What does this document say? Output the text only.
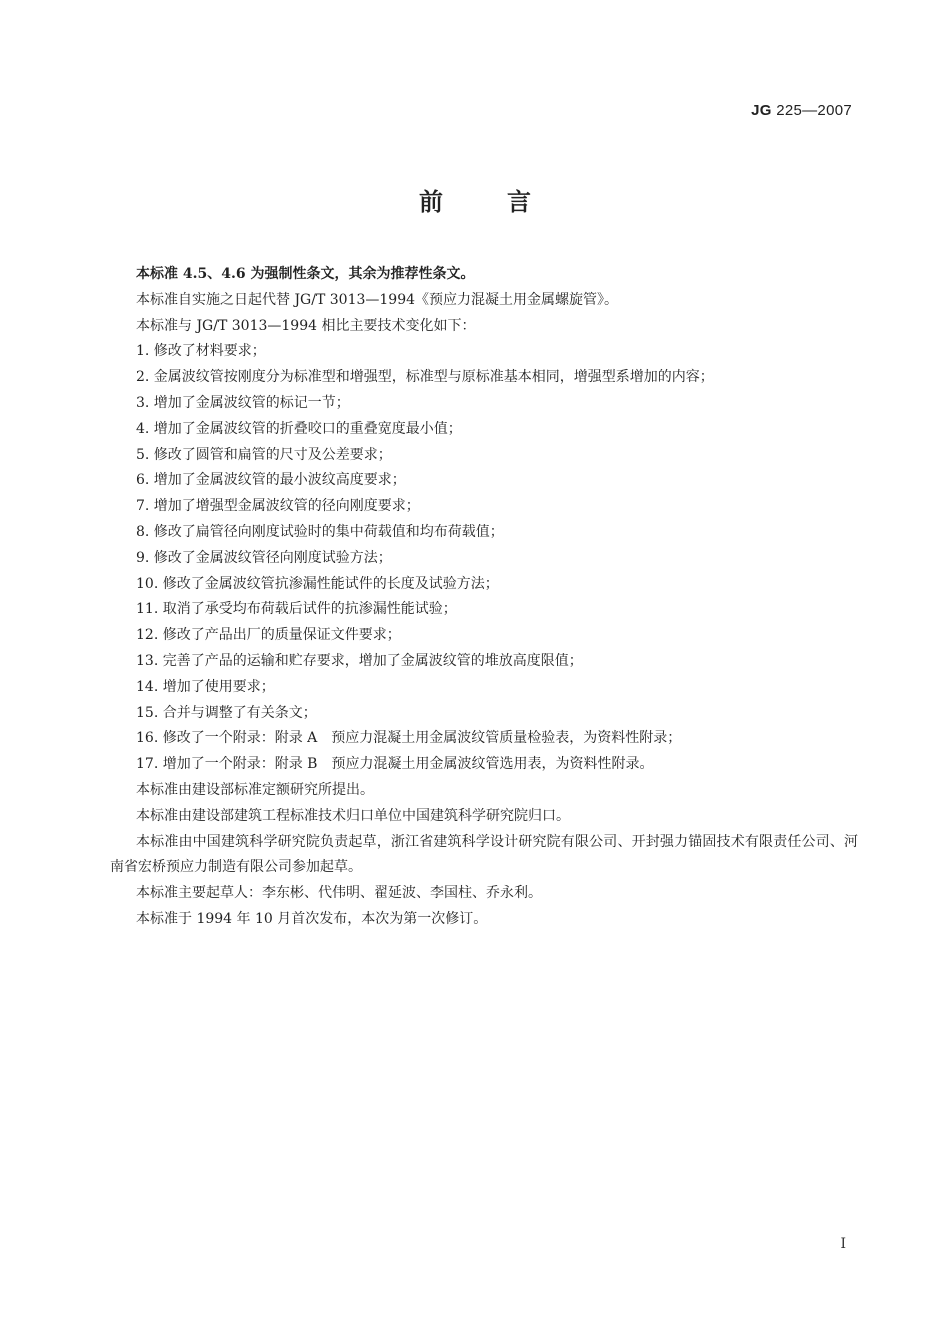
JG 225—2007
前言

本标准 4.5、4.6 为强制性条文，其余为推荐性条文。

本标准自实施之日起代替 JG/T 3013—1994《预应力混凝土用金属螺旋管》。

本标准与 JG/T 3013—1994 相比主要技术变化如下：

1. 修改了材料要求；

2. 金属波纹管按刚度分为标准型和增强型，标准型与原标准基本相同，增强型系增加的内容；

3. 增加了金属波纹管的标记一节；

4. 增加了金属波纹管的折叠咬口的重叠宽度最小值；

5. 修改了圆管和扁管的尺寸及公差要求；

6. 增加了金属波纹管的最小波纹高度要求；

7. 增加了增强型金属波纹管的径向刚度要求；

8. 修改了扁管径向刚度试验时的集中荷载值和均布荷载值；

9. 修改了金属波纹管径向刚度试验方法；

10. 修改了金属波纹管抗渗漏性能试件的长度及试验方法；

11. 取消了承受均布荷载后试件的抗渗漏性能试验；

12. 修改了产品出厂的质量保证文件要求；

13. 完善了产品的运输和贮存要求，增加了金属波纹管的堆放高度限值；

14. 增加了使用要求；

15. 合并与调整了有关条文；

16. 修改了一个附录：附录 A　预应力混凝土用金属波纹管质量检验表，为资料性附录；

17. 增加了一个附录：附录 B　预应力混凝土用金属波纹管选用表，为资料性附录。

本标准由建设部标准定额研究所提出。

本标准由建设部建筑工程标准技术归口单位中国建筑科学研究院归口。

本标准由中国建筑科学研究院负责起草，浙江省建筑科学设计研究院有限公司、开封强力锚固技术有限责任公司、河南省宏桥预应力制造有限公司参加起草。

本标准主要起草人：李东彬、代伟明、翟延波、李国柱、乔永利。

本标准于 1994 年 10 月首次发布，本次为第一次修订。

I
